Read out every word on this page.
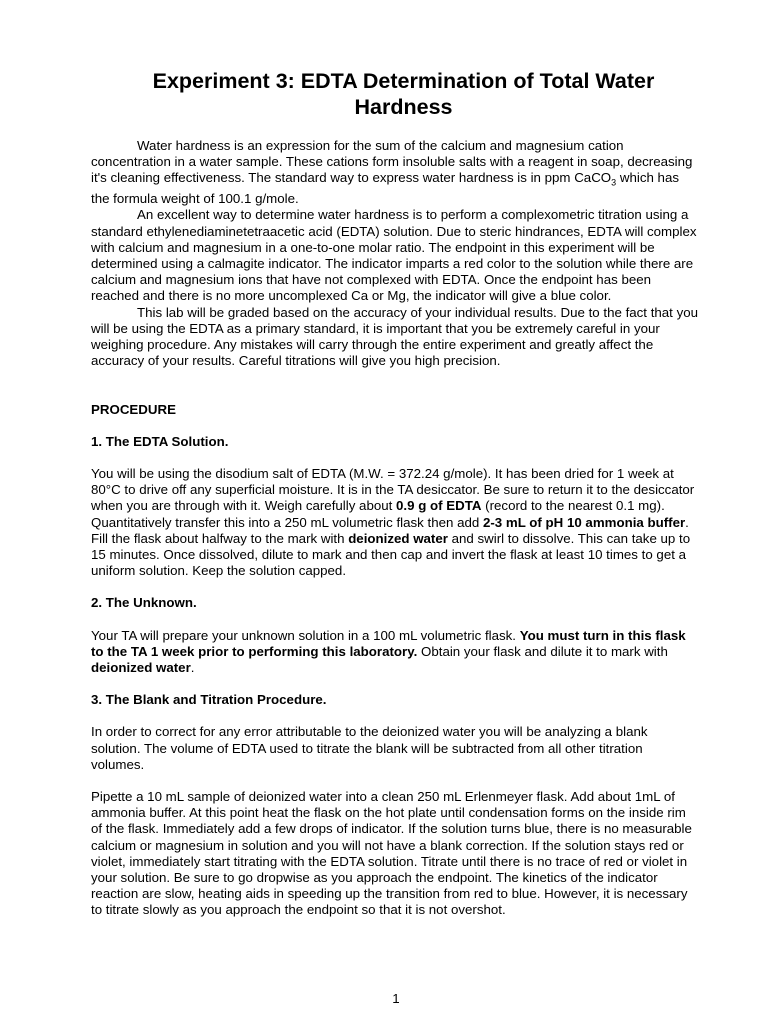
Experiment 3: EDTA Determination of Total Water Hardness

Water hardness is an expression for the sum of the calcium and magnesium cation concentration in a water sample. These cations form insoluble salts with a reagent in soap, decreasing it's cleaning effectiveness. The standard way to express water hardness is in ppm CaCO$_3$ which has the formula weight of 100.1 g/mole.

An excellent way to determine water hardness is to perform a complexometric titration using a standard ethylenediaminetetraacetic acid (EDTA) solution. Due to steric hindrances, EDTA will complex with calcium and magnesium in a one-to-one molar ratio. The endpoint in this experiment will be determined using a calmagite indicator. The indicator imparts a red color to the solution while there are calcium and magnesium ions that have not complexed with EDTA. Once the endpoint has been reached and there is no more uncomplexed Ca or Mg, the indicator will give a blue color.

This lab will be graded based on the accuracy of your individual results. Due to the fact that you will be using the EDTA as a primary standard, it is important that you be extremely careful in your weighing procedure. Any mistakes will carry through the entire experiment and greatly affect the accuracy of your results. Careful titrations will give you high precision.

PROCEDURE

1. The EDTA Solution.

You will be using the disodium salt of EDTA (M.W. = 372.24 g/mole). It has been dried for 1 week at 80°C to drive off any superficial moisture. It is in the TA desiccator. Be sure to return it to the desiccator when you are through with it. Weigh carefully about 0.9 g of EDTA (record to the nearest 0.1 mg). Quantitatively transfer this into a 250 mL volumetric flask then add 2-3 mL of pH 10 ammonia buffer. Fill the flask about halfway to the mark with deionized water and swirl to dissolve. This can take up to 15 minutes. Once dissolved, dilute to mark and then cap and invert the flask at least 10 times to get a uniform solution. Keep the solution capped.

2. The Unknown.

Your TA will prepare your unknown solution in a 100 mL volumetric flask. You must turn in this flask to the TA 1 week prior to performing this laboratory. Obtain your flask and dilute it to mark with deionized water.

3. The Blank and Titration Procedure.

In order to correct for any error attributable to the deionized water you will be analyzing a blank solution. The volume of EDTA used to titrate the blank will be subtracted from all other titration volumes.

Pipette a 10 mL sample of deionized water into a clean 250 mL Erlenmeyer flask. Add about 1mL of ammonia buffer. At this point heat the flask on the hot plate until condensation forms on the inside rim of the flask. Immediately add a few drops of indicator. If the solution turns blue, there is no measurable calcium or magnesium in solution and you will not have a blank correction. If the solution stays red or violet, immediately start titrating with the EDTA solution. Titrate until there is no trace of red or violet in your solution. Be sure to go dropwise as you approach the endpoint. The kinetics of the indicator reaction are slow, heating aids in speeding up the transition from red to blue. However, it is necessary to titrate slowly as you approach the endpoint so that it is not overshot.

1
